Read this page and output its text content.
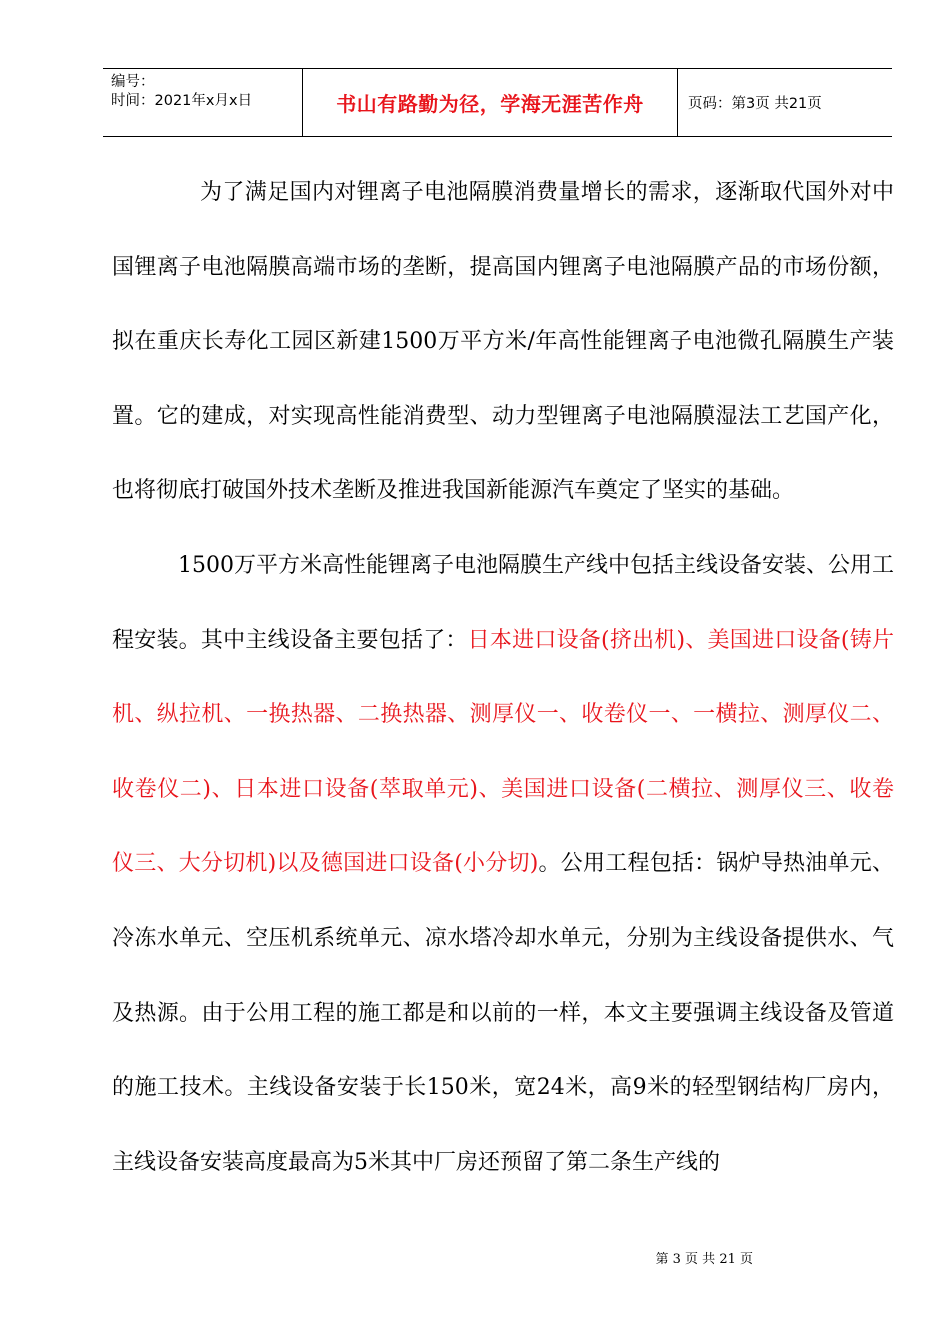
编号：
时间：2021年x月x日	书山有路勤为径，学海无涯苦作舟	页码：第3页 共21页

为了满足国内对锂离子电池隔膜消费量增长的需求，逐渐取代国外对中国锂离子电池隔膜高端市场的垄断，提高国内锂离子电池隔膜产品的市场份额，拟在重庆长寿化工园区新建1500万平方米/年高性能锂离子电池微孔隔膜生产装置。它的建成，对实现高性能消费型、动力型锂离子电池隔膜湿法工艺国产化，也将彻底打破国外技术垄断及推进我国新能源汽车奠定了坚实的基础。

1500万平方米高性能锂离子电池隔膜生产线中包括主线设备安装、公用工程安装。其中主线设备主要包括了：日本进口设备(挤出机)、美国进口设备(铸片机、纵拉机、一换热器、二换热器、测厚仪一、收卷仪一、一横拉、测厚仪二、收卷仪二)、日本进口设备(萃取单元)、美国进口设备(二横拉、测厚仪三、收卷仪三、大分切机)以及德国进口设备(小分切)。公用工程包括：锅炉导热油单元、冷冻水单元、空压机系统单元、凉水塔冷却水单元，分别为主线设备提供水、气及热源。由于公用工程的施工都是和以前的一样，本文主要强调主线设备及管道的施工技术。主线设备安装于长150米，宽24米，高9米的轻型钢结构厂房内，主线设备安装高度最高为5米其中厂房还预留了第二条生产线的

第 3 页 共 21 页
